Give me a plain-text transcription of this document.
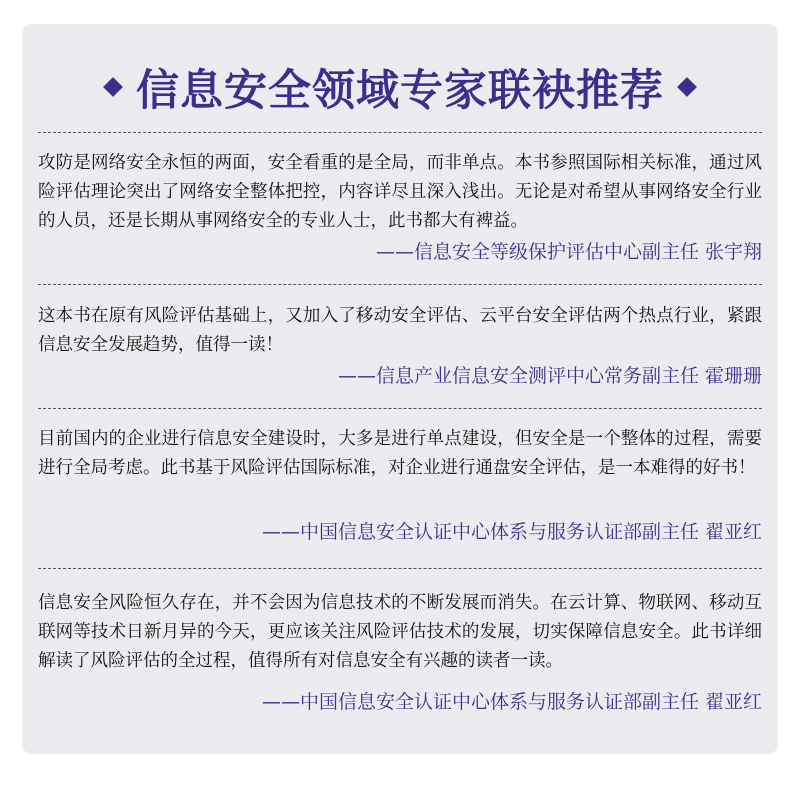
信息安全领域专家联袂推荐

攻防是网络安全永恒的两面，安全看重的是全局，而非单点。本书参照国际相关标准，通过风险评估理论突出了网络安全整体把控，内容详尽且深入浅出。无论是对希望从事网络安全行业的人员，还是长期从事网络安全的专业人士，此书都大有裨益。

——信息安全等级保护评估中心副主任 张宇翔

这本书在原有风险评估基础上，又加入了移动安全评估、云平台安全评估两个热点行业，紧跟信息安全发展趋势，值得一读！

——信息产业信息安全测评中心常务副主任 霍珊珊

目前国内的企业进行信息安全建设时，大多是进行单点建设，但安全是一个整体的过程，需要进行全局考虑。此书基于风险评估国际标准，对企业进行通盘安全评估，是一本难得的好书！

——中国信息安全认证中心体系与服务认证部副主任 翟亚红

信息安全风险恒久存在，并不会因为信息技术的不断发展而消失。在云计算、物联网、移动互联网等技术日新月异的今天，更应该关注风险评估技术的发展，切实保障信息安全。此书详细解读了风险评估的全过程，值得所有对信息安全有兴趣的读者一读。

——中国信息安全认证中心体系与服务认证部副主任 翟亚红
